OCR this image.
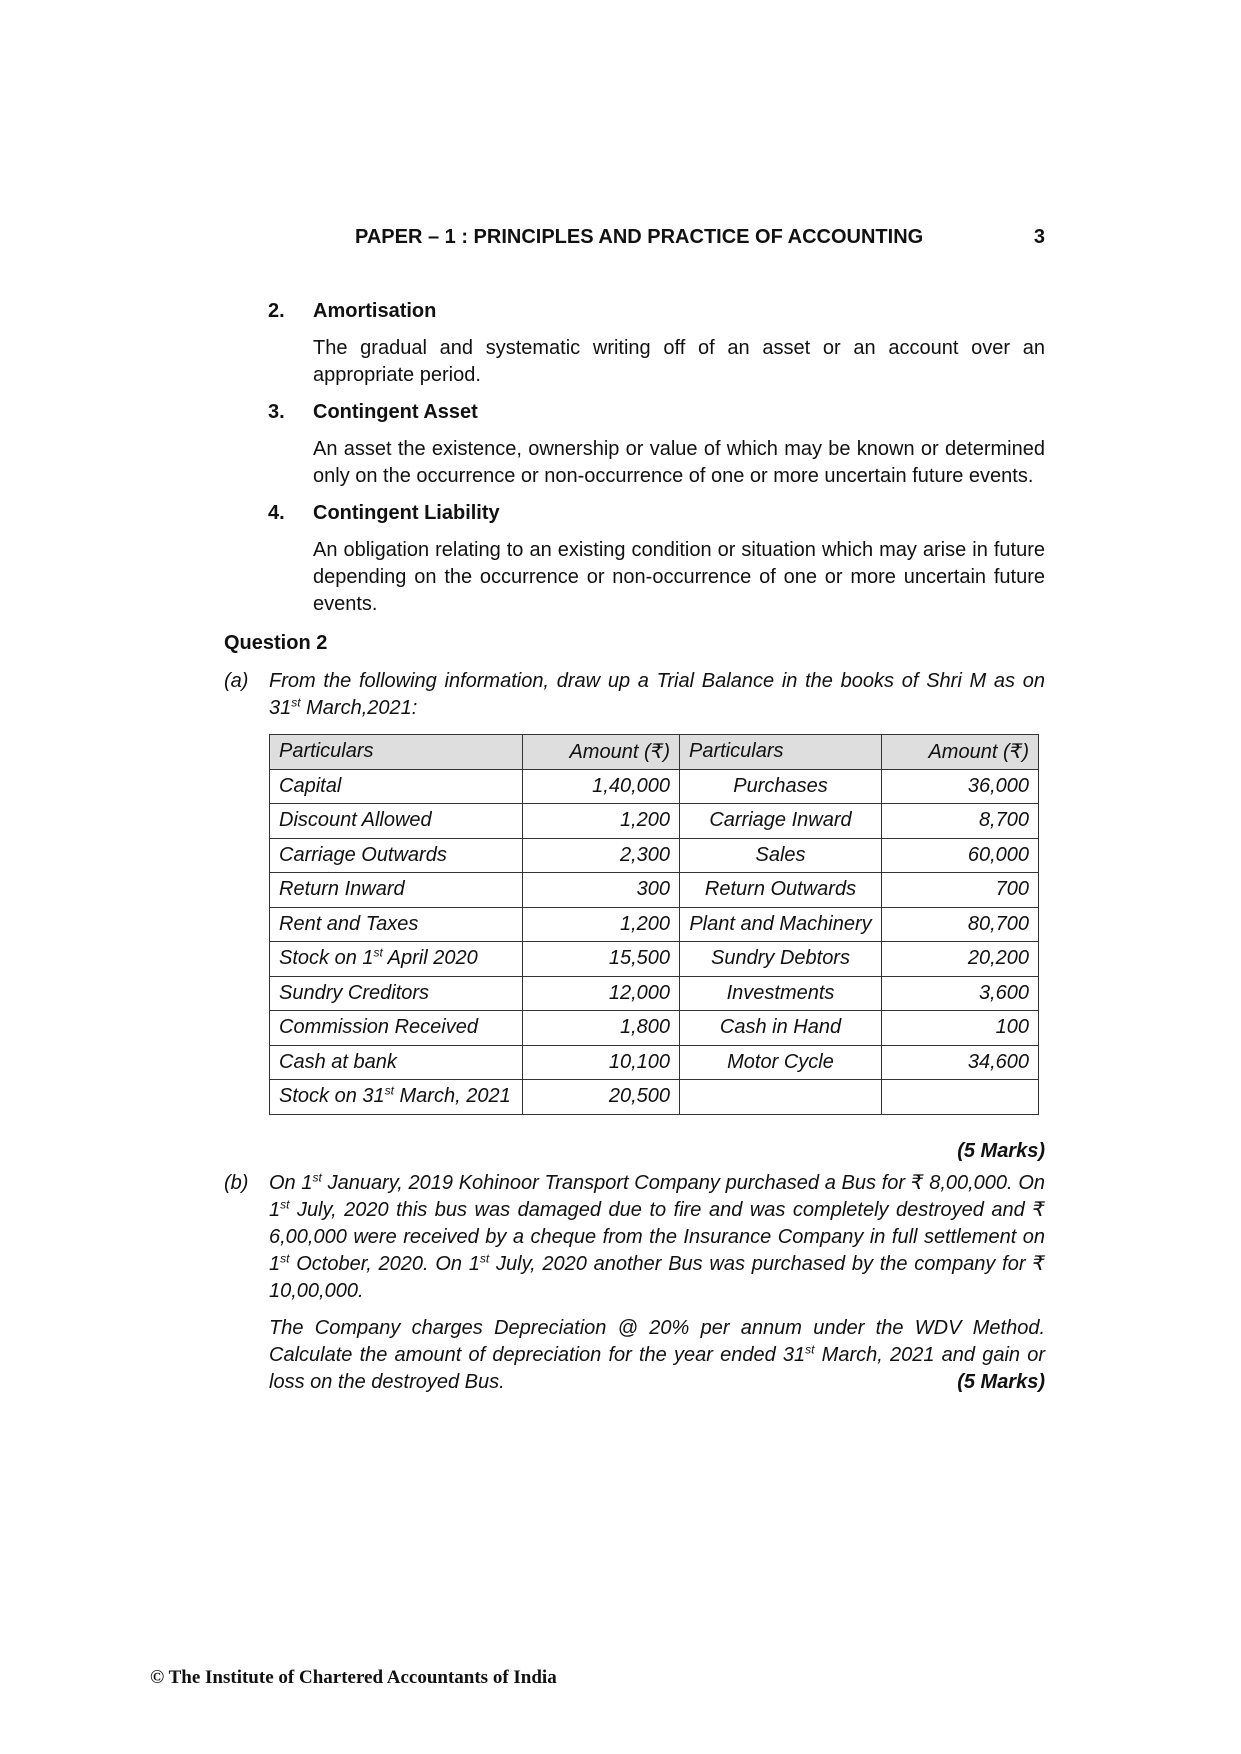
PAPER – 1 : PRINCIPLES AND PRACTICE OF ACCOUNTING	3
2.	Amortisation
The gradual and systematic writing off of an asset or an account over an appropriate period.
3.	Contingent Asset
An asset the existence, ownership or value of which may be known or determined only on the occurrence or non-occurrence of one or more uncertain future events.
4.	Contingent Liability
An obligation relating to an existing condition or situation which may arise in future depending on the occurrence or non-occurrence of one or more uncertain future events.
Question 2
(a)	From the following information, draw up a Trial Balance in the books of Shri M as on 31st March,2021:
Particulars	Amount (₹)	Particulars	Amount (₹)
Capital	1,40,000	Purchases	36,000
Discount Allowed	1,200	Carriage Inward	8,700
Carriage Outwards	2,300	Sales	60,000
Return Inward	300	Return Outwards	700
Rent and Taxes	1,200	Plant and Machinery	80,700
Stock on 1st April 2020	15,500	Sundry Debtors	20,200
Sundry Creditors	12,000	Investments	3,600
Commission Received	1,800	Cash in Hand	100
Cash at bank	10,100	Motor Cycle	34,600
Stock on 31st March, 2021	20,500		
(5 Marks)
(b)	On 1st January, 2019 Kohinoor Transport Company purchased a Bus for ₹ 8,00,000. On 1st July, 2020 this bus was damaged due to fire and was completely destroyed and ₹ 6,00,000 were received by a cheque from the Insurance Company in full settlement on 1st October, 2020. On 1st July, 2020 another Bus was purchased by the company for ₹ 10,00,000.
The Company charges Depreciation @ 20% per annum under the WDV Method. Calculate the amount of depreciation for the year ended 31st March, 2021 and gain or loss on the destroyed Bus.	(5 Marks)
© The Institute of Chartered Accountants of India
